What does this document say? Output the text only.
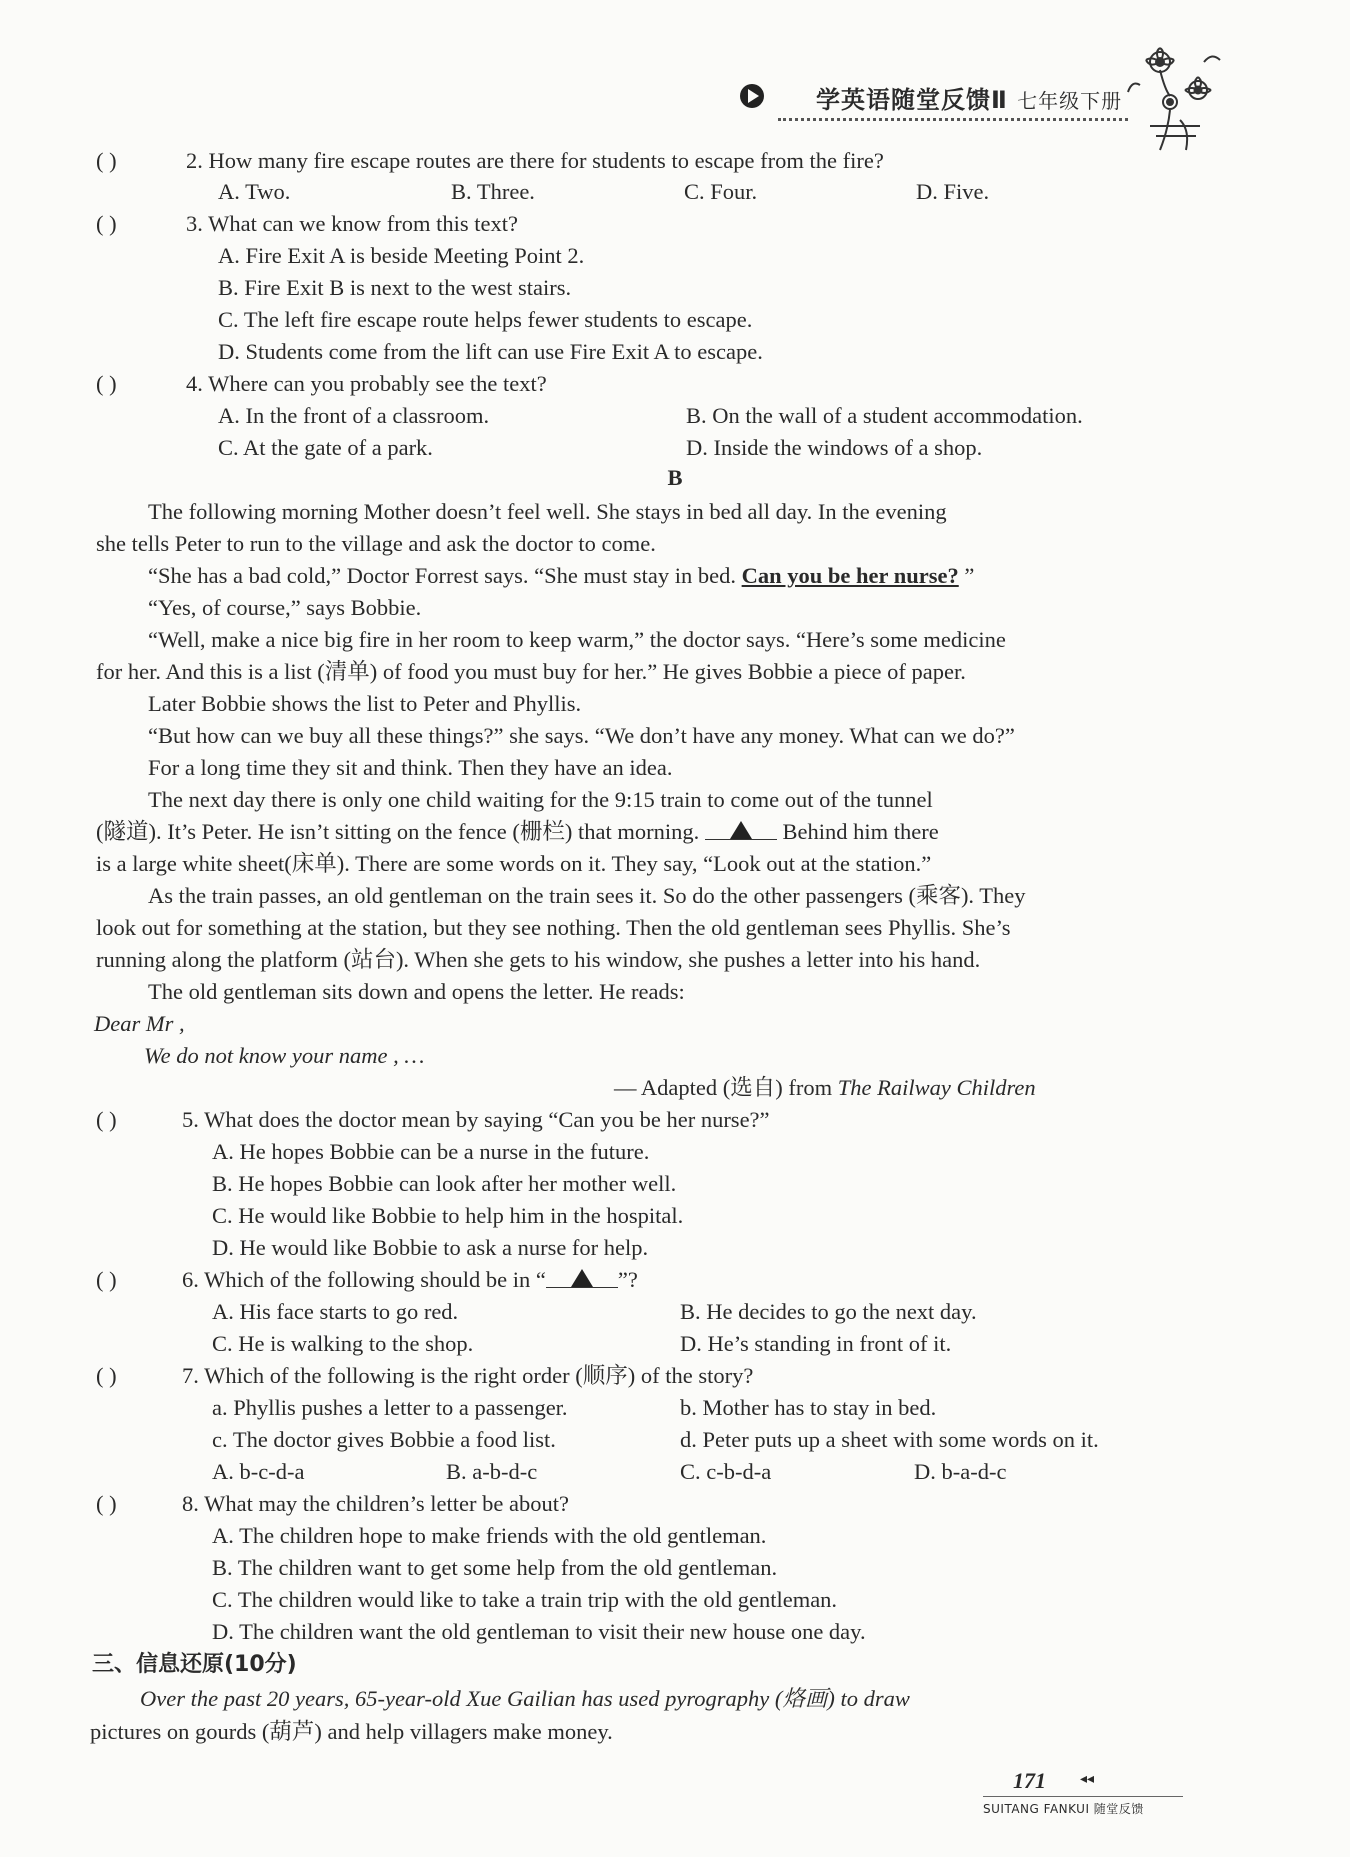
学英语随堂反馈Ⅱ 七年级下册
( )	2. How many fire escape routes are there for students to escape from the fire?
A. Two.	B. Three.	C. Four.	D. Five.
( )	3. What can we know from this text?
A. Fire Exit A is beside Meeting Point 2.
B. Fire Exit B is next to the west stairs.
C. The left fire escape route helps fewer students to escape.
D. Students come from the lift can use Fire Exit A to escape.
( )	4. Where can you probably see the text?
A. In the front of a classroom.	B. On the wall of a student accommodation.
C. At the gate of a park.	D. Inside the windows of a shop.
B
The following morning Mother doesn’t feel well. She stays in bed all day. In the evening
she tells Peter to run to the village and ask the doctor to come.
“She has a bad cold,” Doctor Forrest says. “She must stay in bed. Can you be her nurse? ”
“Yes, of course,” says Bobbie.
“Well, make a nice big fire in her room to keep warm,” the doctor says. “Here’s some medicine
for her. And this is a list (清单) of food you must buy for her.” He gives Bobbie a piece of paper.
Later Bobbie shows the list to Peter and Phyllis.
“But how can we buy all these things?” she says. “We don’t have any money. What can we do?”
For a long time they sit and think. Then they have an idea.
The next day there is only one child waiting for the 9:15 train to come out of the tunnel
(隧道). It’s Peter. He isn’t sitting on the fence (栅栏) that morning.	Behind him there
is a large white sheet(床单). There are some words on it. They say, “Look out at the station.”
As the train passes, an old gentleman on the train sees it. So do the other passengers (乘客). They
look out for something at the station, but they see nothing. Then the old gentleman sees Phyllis. She’s
running along the platform (站台). When she gets to his window, she pushes a letter into his hand.
The old gentleman sits down and opens the letter. He reads:
Dear Mr ,
We do not know your name , …
— Adapted (选自) from The Railway Children
( )	5. What does the doctor mean by saying “Can you be her nurse?”
A. He hopes Bobbie can be a nurse in the future.
B. He hopes Bobbie can look after her mother well.
C. He would like Bobbie to help him in the hospital.
D. He would like Bobbie to ask a nurse for help.
( )	6. Which of the following should be in “	”?
A. His face starts to go red.	B. He decides to go the next day.
C. He is walking to the shop.	D. He’s standing in front of it.
( )	7. Which of the following is the right order (顺序) of the story?
a. Phyllis pushes a letter to a passenger.	b. Mother has to stay in bed.
c. The doctor gives Bobbie a food list.	d. Peter puts up a sheet with some words on it.
A. b-c-d-a	B. a-b-d-c	C. c-b-d-a	D. b-a-d-c
( )	8. What may the children’s letter be about?
A. The children hope to make friends with the old gentleman.
B. The children want to get some help from the old gentleman.
C. The children would like to take a train trip with the old gentleman.
D. The children want the old gentleman to visit their new house one day.
三、信息还原(10分)
Over the past 20 years, 65-year-old Xue Gailian has used pyrography (烙画) to draw
pictures on gourds (葫芦) and help villagers make money.
171 ◂◂
SUITANG FANKUI 随堂反馈
